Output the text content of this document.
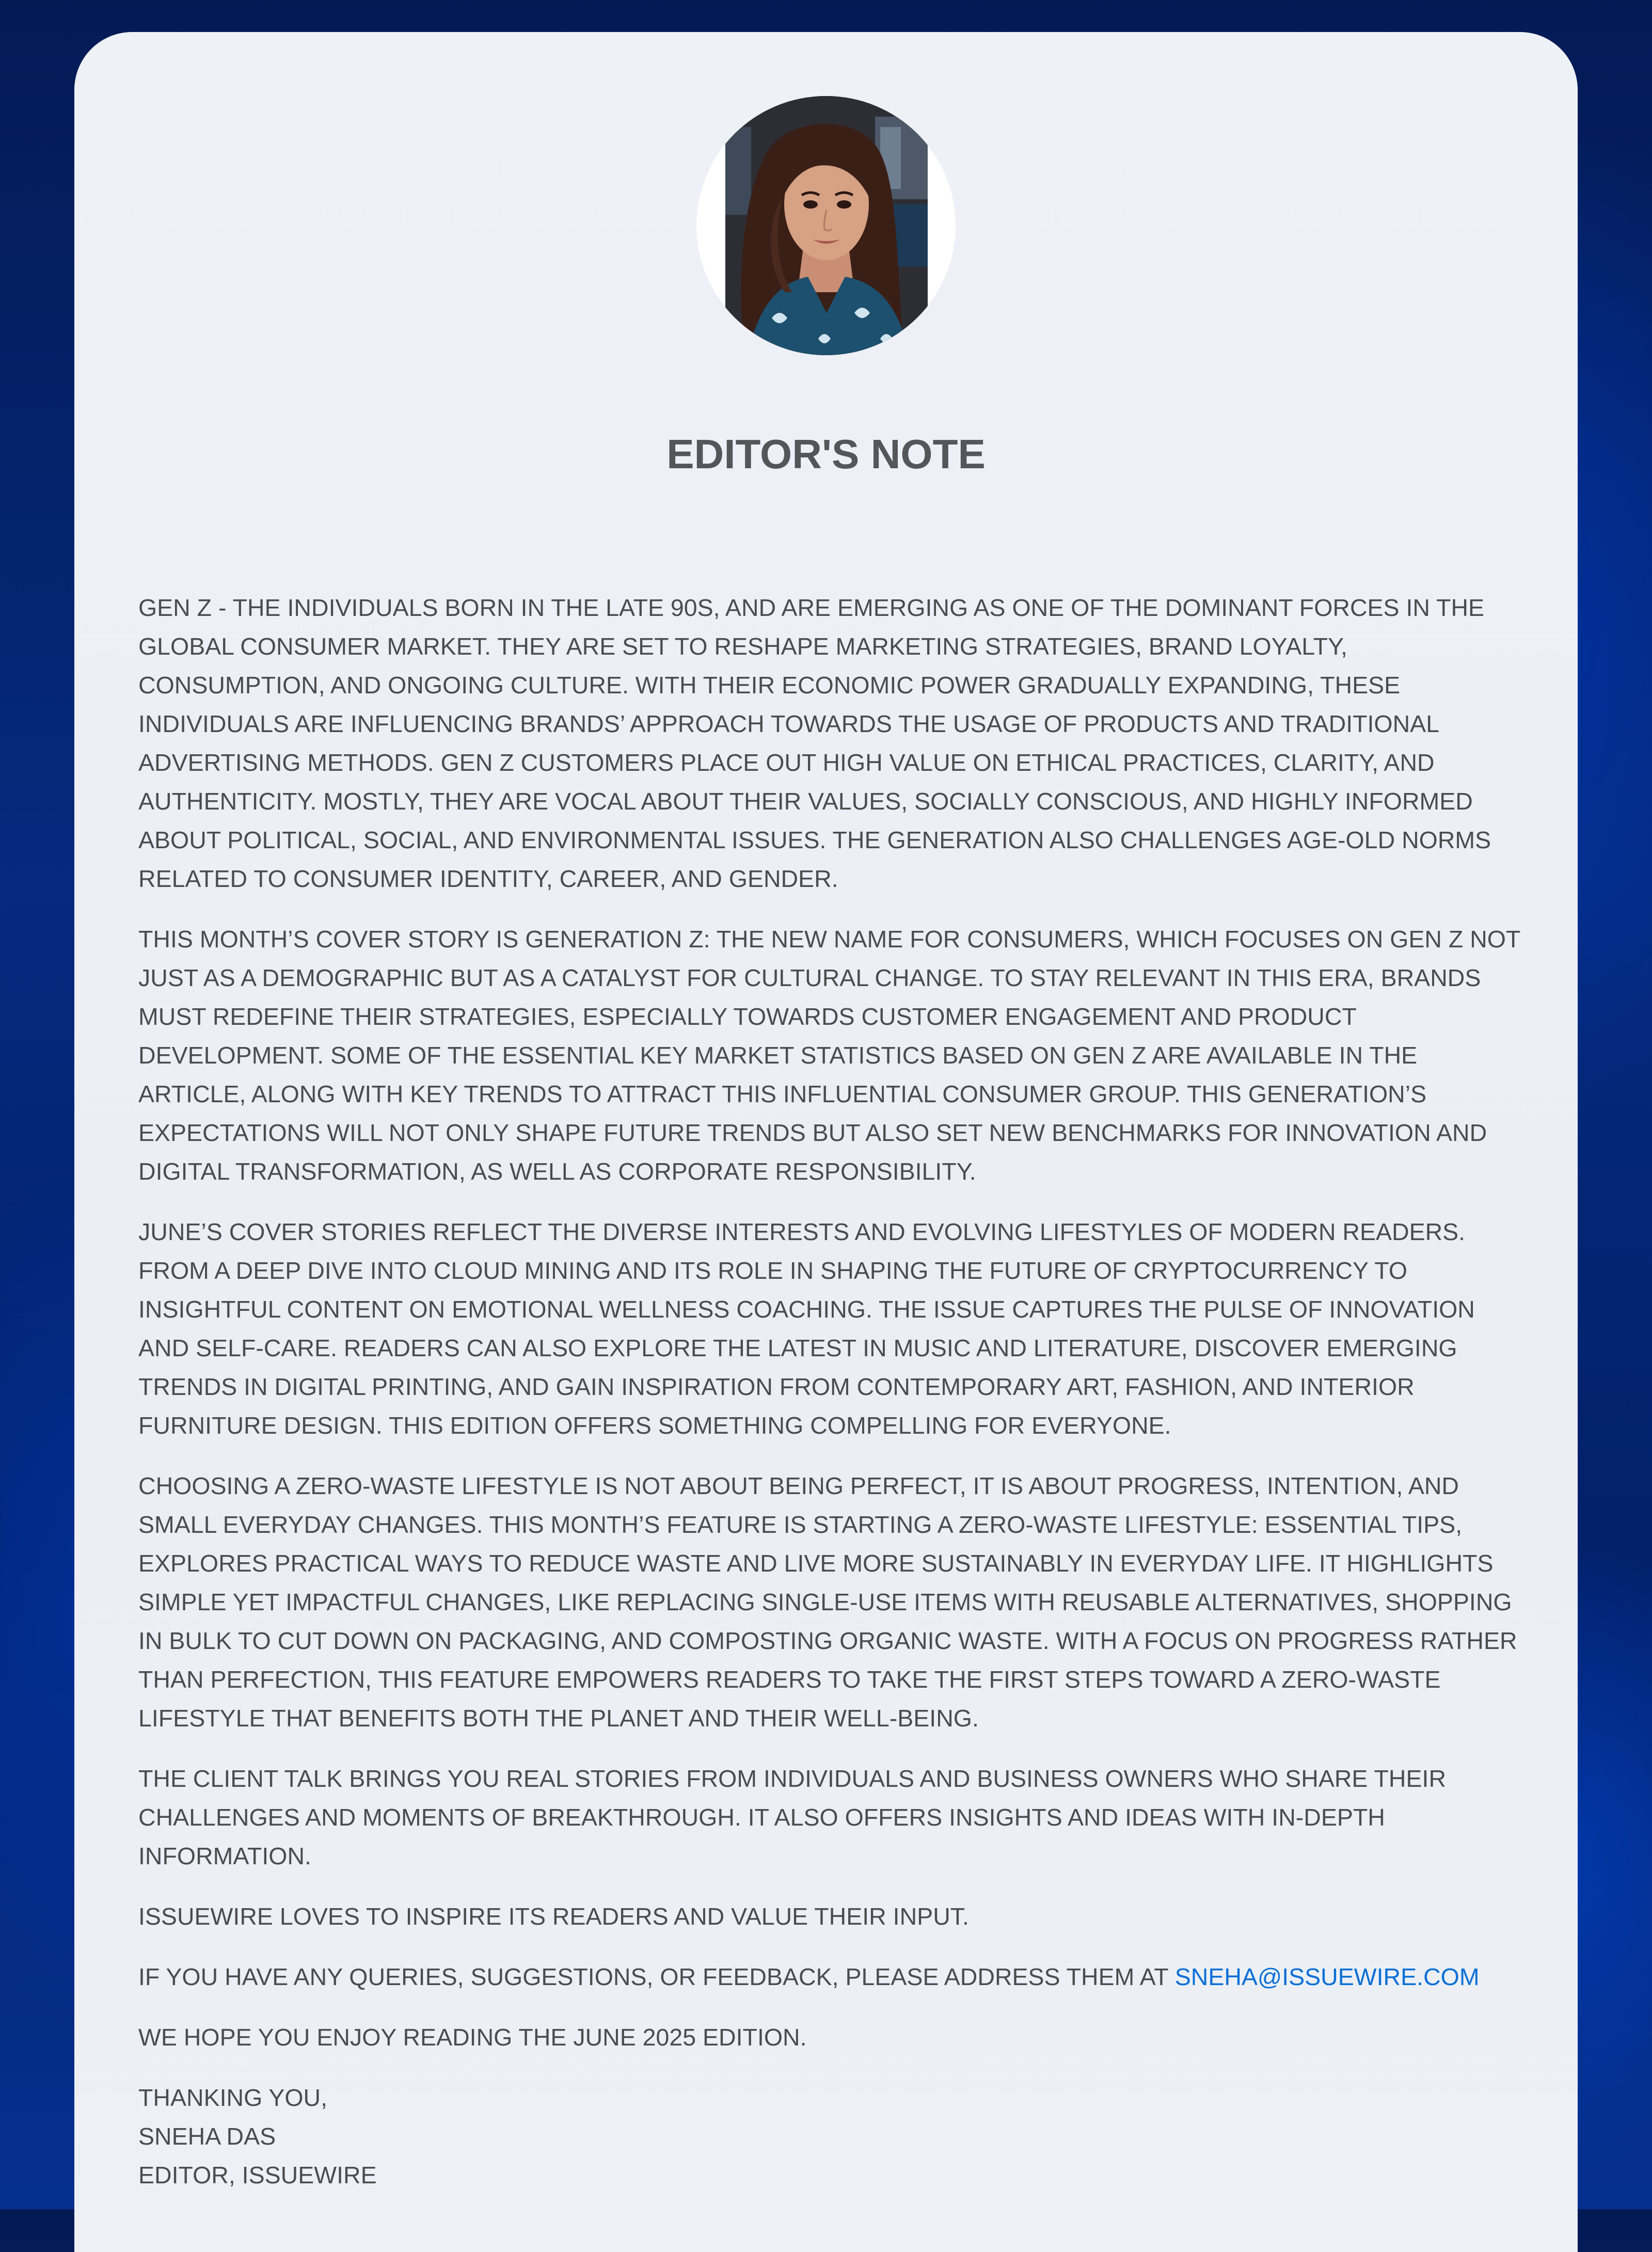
EDITOR'S NOTE

GEN Z - THE INDIVIDUALS BORN IN THE LATE 90S, AND ARE EMERGING AS ONE OF THE DOMINANT FORCES IN THE GLOBAL CONSUMER MARKET. THEY ARE SET TO RESHAPE MARKETING STRATEGIES, BRAND LOYALTY, CONSUMPTION, AND ONGOING CULTURE. WITH THEIR ECONOMIC POWER GRADUALLY EXPANDING, THESE INDIVIDUALS ARE INFLUENCING BRANDS’ APPROACH TOWARDS THE USAGE OF PRODUCTS AND TRADITIONAL ADVERTISING METHODS. GEN Z CUSTOMERS PLACE OUT HIGH VALUE ON ETHICAL PRACTICES, CLARITY, AND AUTHENTICITY. MOSTLY, THEY ARE VOCAL ABOUT THEIR VALUES, SOCIALLY CONSCIOUS, AND HIGHLY INFORMED ABOUT POLITICAL, SOCIAL, AND ENVIRONMENTAL ISSUES. THE GENERATION ALSO CHALLENGES AGE-OLD NORMS RELATED TO CONSUMER IDENTITY, CAREER, AND GENDER.

THIS MONTH’S COVER STORY IS GENERATION Z: THE NEW NAME FOR CONSUMERS, WHICH FOCUSES ON GEN Z NOT JUST AS A DEMOGRAPHIC BUT AS A CATALYST FOR CULTURAL CHANGE. TO STAY RELEVANT IN THIS ERA, BRANDS MUST REDEFINE THEIR STRATEGIES, ESPECIALLY TOWARDS CUSTOMER ENGAGEMENT AND PRODUCT DEVELOPMENT. SOME OF THE ESSENTIAL KEY MARKET STATISTICS BASED ON GEN Z ARE AVAILABLE IN THE ARTICLE, ALONG WITH KEY TRENDS TO ATTRACT THIS INFLUENTIAL CONSUMER GROUP. THIS GENERATION’S EXPECTATIONS WILL NOT ONLY SHAPE FUTURE TRENDS BUT ALSO SET NEW BENCHMARKS FOR INNOVATION AND DIGITAL TRANSFORMATION, AS WELL AS CORPORATE RESPONSIBILITY.

JUNE’S COVER STORIES REFLECT THE DIVERSE INTERESTS AND EVOLVING LIFESTYLES OF MODERN READERS. FROM A DEEP DIVE INTO CLOUD MINING AND ITS ROLE IN SHAPING THE FUTURE OF CRYPTOCURRENCY TO INSIGHTFUL CONTENT ON EMOTIONAL WELLNESS COACHING. THE ISSUE CAPTURES THE PULSE OF INNOVATION AND SELF-CARE. READERS CAN ALSO EXPLORE THE LATEST IN MUSIC AND LITERATURE, DISCOVER EMERGING TRENDS IN DIGITAL PRINTING, AND GAIN INSPIRATION FROM CONTEMPORARY ART, FASHION, AND INTERIOR FURNITURE DESIGN. THIS EDITION OFFERS SOMETHING COMPELLING FOR EVERYONE.

CHOOSING A ZERO-WASTE LIFESTYLE IS NOT ABOUT BEING PERFECT, IT IS ABOUT PROGRESS, INTENTION, AND SMALL EVERYDAY CHANGES. THIS MONTH’S FEATURE IS STARTING A ZERO-WASTE LIFESTYLE: ESSENTIAL TIPS, EXPLORES PRACTICAL WAYS TO REDUCE WASTE AND LIVE MORE SUSTAINABLY IN EVERYDAY LIFE. IT HIGHLIGHTS SIMPLE YET IMPACTFUL CHANGES, LIKE REPLACING SINGLE-USE ITEMS WITH REUSABLE ALTERNATIVES, SHOPPING IN BULK TO CUT DOWN ON PACKAGING, AND COMPOSTING ORGANIC WASTE. WITH A FOCUS ON PROGRESS RATHER THAN PERFECTION, THIS FEATURE EMPOWERS READERS TO TAKE THE FIRST STEPS TOWARD A ZERO-WASTE LIFESTYLE THAT BENEFITS BOTH THE PLANET AND THEIR WELL-BEING.

THE CLIENT TALK BRINGS YOU REAL STORIES FROM INDIVIDUALS AND BUSINESS OWNERS WHO SHARE THEIR CHALLENGES AND MOMENTS OF BREAKTHROUGH. IT ALSO OFFERS INSIGHTS AND IDEAS WITH IN-DEPTH INFORMATION.

ISSUEWIRE LOVES TO INSPIRE ITS READERS AND VALUE THEIR INPUT.

IF YOU HAVE ANY QUERIES, SUGGESTIONS, OR FEEDBACK, PLEASE ADDRESS THEM AT SNEHA@ISSUEWIRE.COM

WE HOPE YOU ENJOY READING THE JUNE 2025 EDITION.

THANKING YOU,
SNEHA DAS
EDITOR, ISSUEWIRE
